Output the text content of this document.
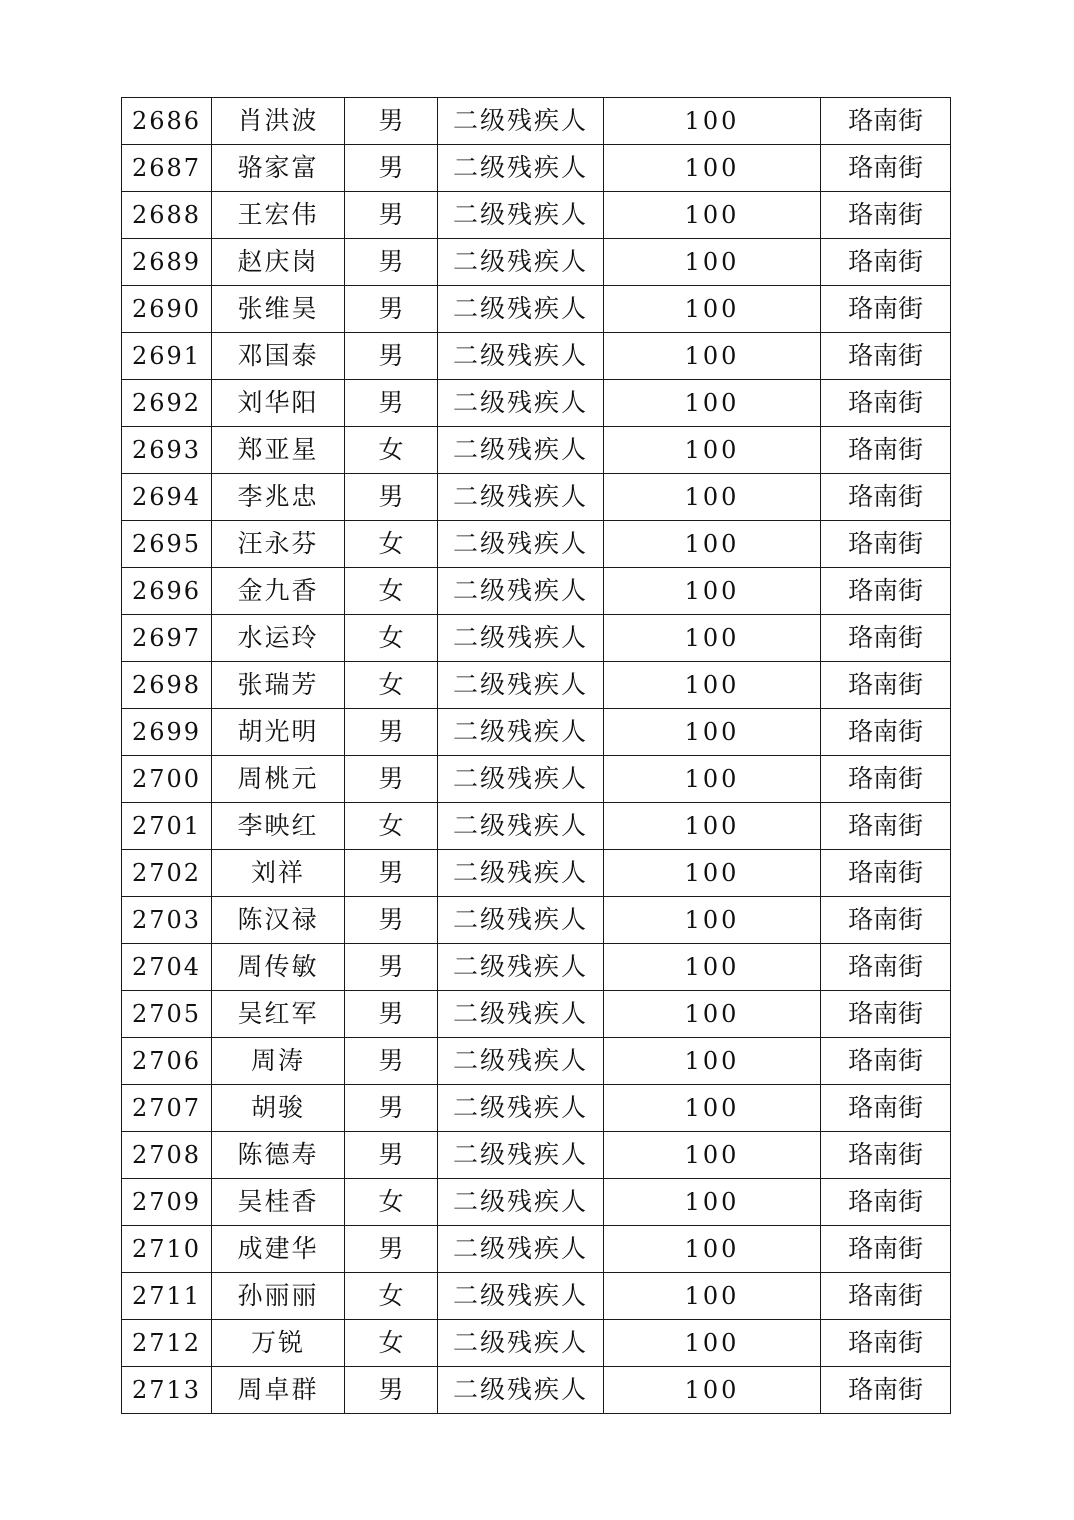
2686	肖洪波	男	二级残疾人	100	珞南街
2687	骆家富	男	二级残疾人	100	珞南街
2688	王宏伟	男	二级残疾人	100	珞南街
2689	赵庆岗	男	二级残疾人	100	珞南街
2690	张维昊	男	二级残疾人	100	珞南街
2691	邓国泰	男	二级残疾人	100	珞南街
2692	刘华阳	男	二级残疾人	100	珞南街
2693	郑亚星	女	二级残疾人	100	珞南街
2694	李兆忠	男	二级残疾人	100	珞南街
2695	汪永芬	女	二级残疾人	100	珞南街
2696	金九香	女	二级残疾人	100	珞南街
2697	水运玲	女	二级残疾人	100	珞南街
2698	张瑞芳	女	二级残疾人	100	珞南街
2699	胡光明	男	二级残疾人	100	珞南街
2700	周桃元	男	二级残疾人	100	珞南街
2701	李映红	女	二级残疾人	100	珞南街
2702	刘祥	男	二级残疾人	100	珞南街
2703	陈汉禄	男	二级残疾人	100	珞南街
2704	周传敏	男	二级残疾人	100	珞南街
2705	吴红军	男	二级残疾人	100	珞南街
2706	周涛	男	二级残疾人	100	珞南街
2707	胡骏	男	二级残疾人	100	珞南街
2708	陈德寿	男	二级残疾人	100	珞南街
2709	吴桂香	女	二级残疾人	100	珞南街
2710	成建华	男	二级残疾人	100	珞南街
2711	孙丽丽	女	二级残疾人	100	珞南街
2712	万锐	女	二级残疾人	100	珞南街
2713	周卓群	男	二级残疾人	100	珞南街
